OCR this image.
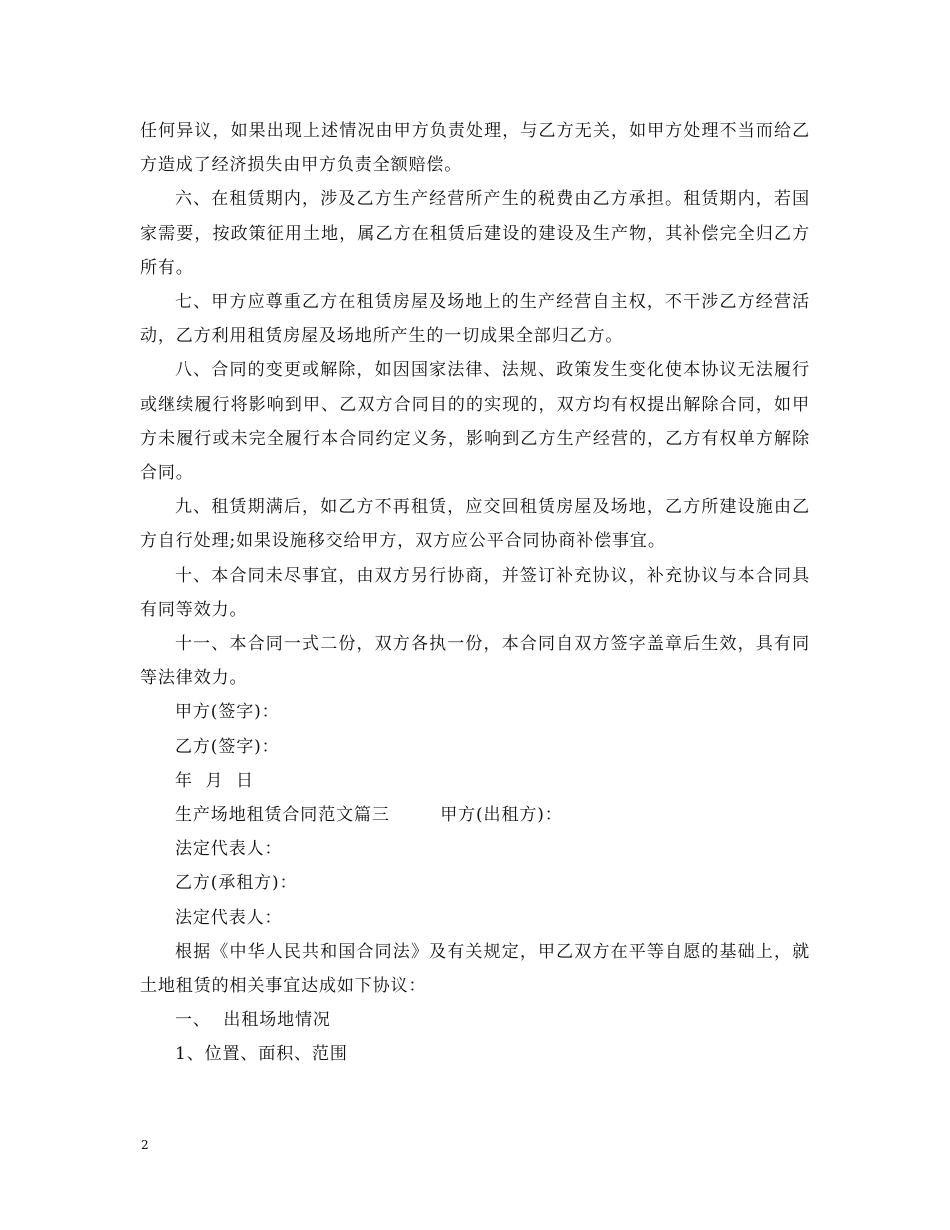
任何异议，如果出现上述情况由甲方负责处理，与乙方无关，如甲方处理不当而给乙方造成了经济损失由甲方负责全额赔偿。

六、在租赁期内，涉及乙方生产经营所产生的税费由乙方承担。租赁期内，若国家需要，按政策征用土地，属乙方在租赁后建设的建设及生产物，其补偿完全归乙方所有。

七、甲方应尊重乙方在租赁房屋及场地上的生产经营自主权，不干涉乙方经营活动，乙方利用租赁房屋及场地所产生的一切成果全部归乙方。

八、合同的变更或解除，如因国家法律、法规、政策发生变化使本协议无法履行或继续履行将影响到甲、乙双方合同目的的实现的，双方均有权提出解除合同，如甲方未履行或未完全履行本合同约定义务，影响到乙方生产经营的，乙方有权单方解除合同。

九、租赁期满后，如乙方不再租赁，应交回租赁房屋及场地，乙方所建设施由乙方自行处理;如果设施移交给甲方，双方应公平合同协商补偿事宜。

十、本合同未尽事宜，由双方另行协商，并签订补充协议，补充协议与本合同具有同等效力。

十一、本合同一式二份，双方各执一份，本合同自双方签字盖章后生效，具有同等法律效力。

甲方(签字)：

乙方(签字)：

年  月  日

生产场地租赁合同范文篇三        甲方(出租方)：

法定代表人：

乙方(承租方)：

法定代表人：

根据《中华人民共和国合同法》及有关规定，甲乙双方在平等自愿的基础上，就土地租赁的相关事宜达成如下协议：

一、  出租场地情况

1、位置、面积、范围

2
